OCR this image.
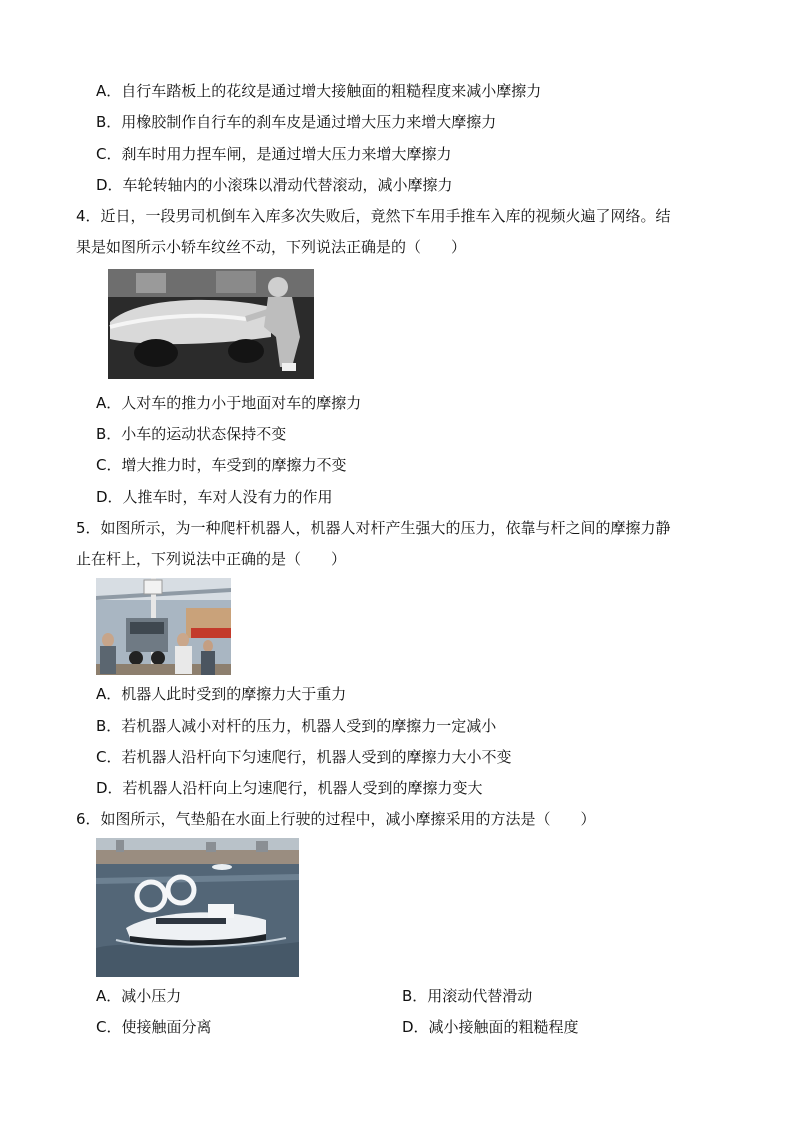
A．自行车踏板上的花纹是通过增大接触面的粗糙程度来减小摩擦力
B．用橡胶制作自行车的刹车皮是通过增大压力来增大摩擦力
C．刹车时用力捏车闸，是通过增大压力来增大摩擦力
D．车轮转轴内的小滚珠以滑动代替滚动，减小摩擦力
4．近日，一段男司机倒车入库多次失败后，竟然下车用手推车入库的视频火遍了网络。结
果是如图所示小轿车纹丝不动，下列说法正确是的（　　）
A．人对车的推力小于地面对车的摩擦力
B．小车的运动状态保持不变
C．增大推力时，车受到的摩擦力不变
D．人推车时，车对人没有力的作用
5．如图所示，为一种爬杆机器人，机器人对杆产生强大的压力，依靠与杆之间的摩擦力静
止在杆上，下列说法中正确的是（　　）
A．机器人此时受到的摩擦力大于重力
B．若机器人减小对杆的压力，机器人受到的摩擦力一定减小
C．若机器人沿杆向下匀速爬行，机器人受到的摩擦力大小不变
D．若机器人沿杆向上匀速爬行，机器人受到的摩擦力变大
6．如图所示，气垫船在水面上行驶的过程中，减小摩擦采用的方法是（　　）
A．减小压力	B．用滚动代替滑动
C．使接触面分离	D．减小接触面的粗糙程度
